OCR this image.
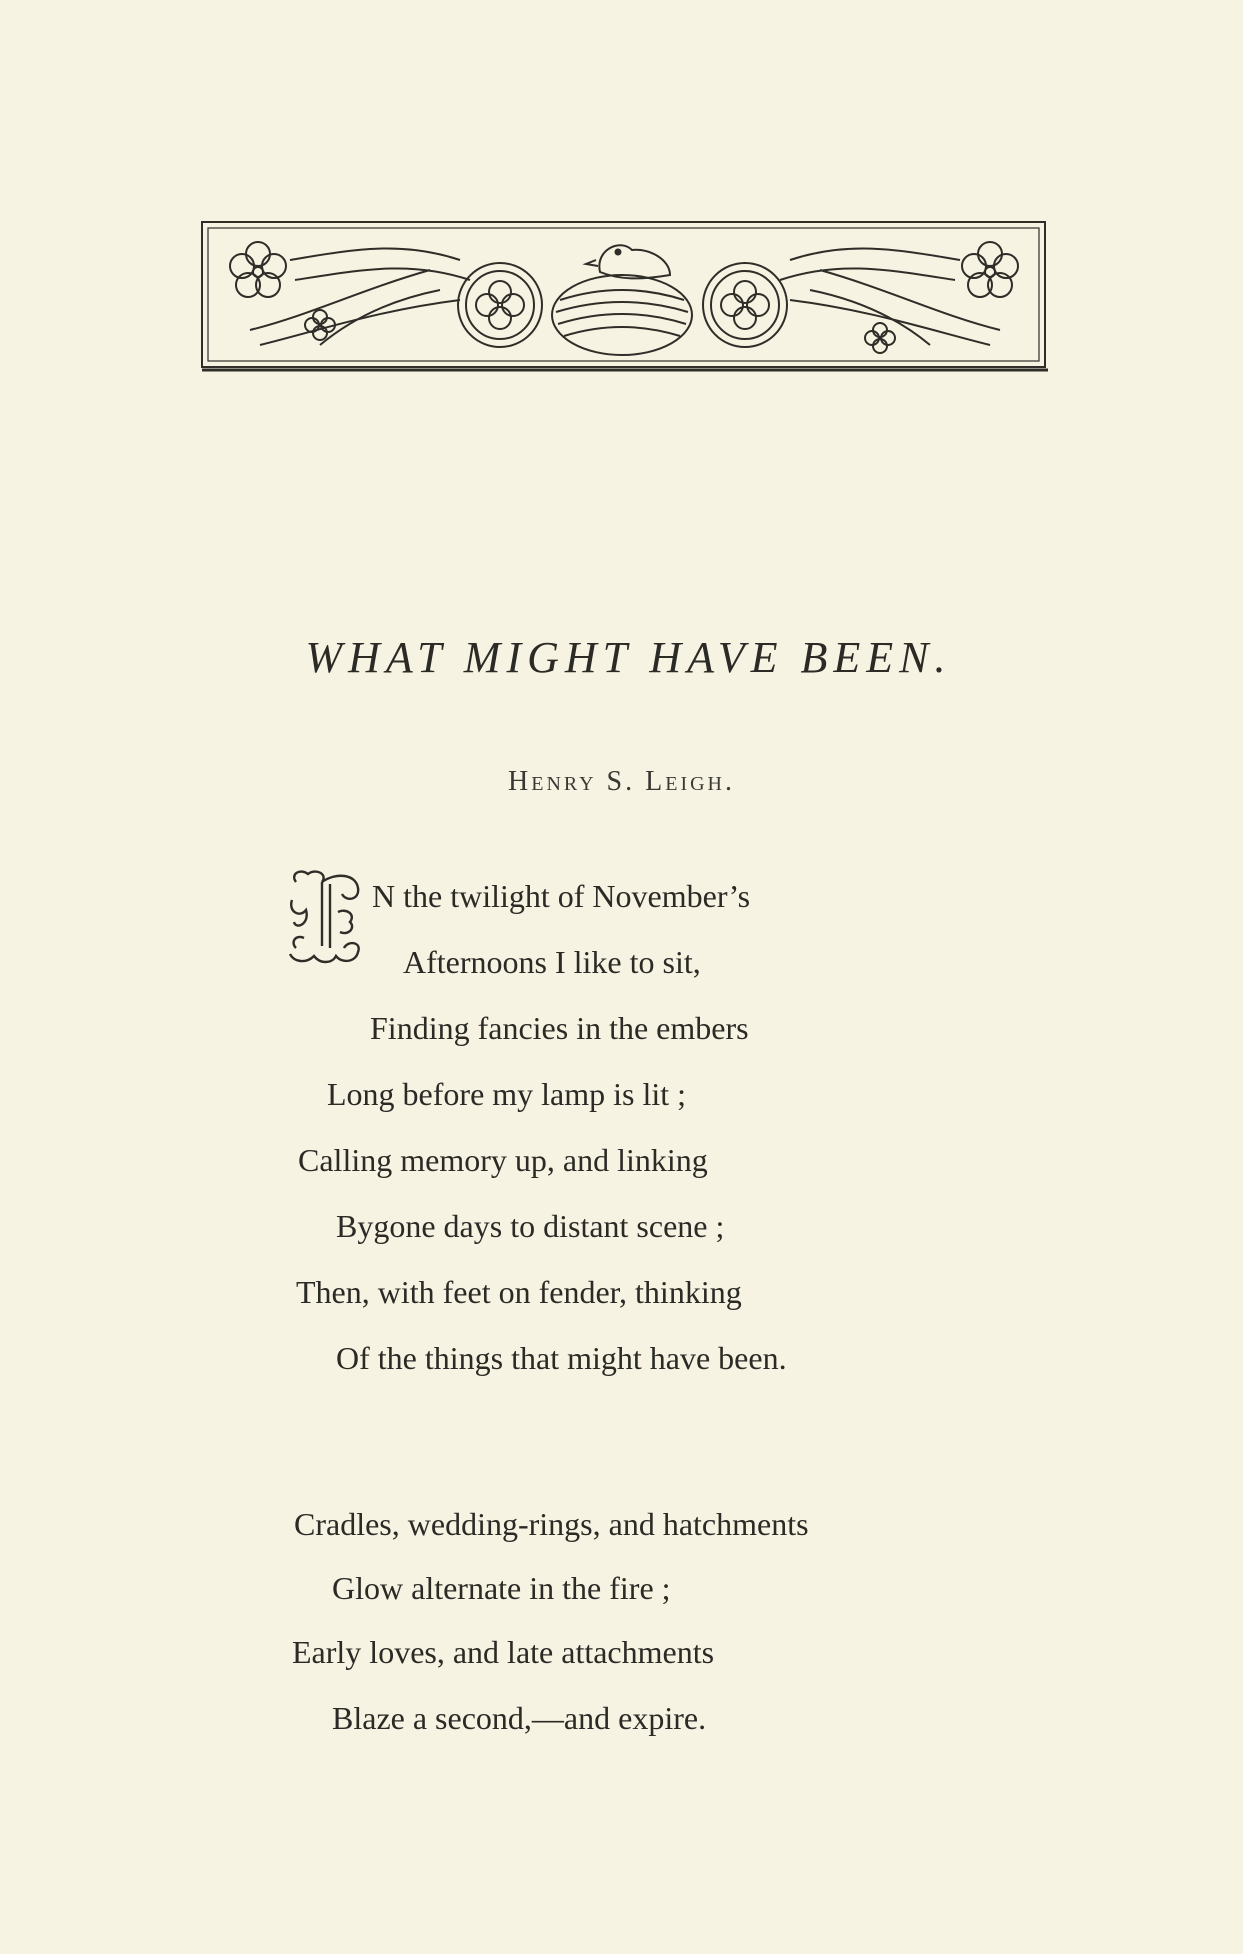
WHAT MIGHT HAVE BEEN.
Henry S. Leigh.
N the twilight of November’s
Afternoons I like to sit,
Finding fancies in the embers
Long before my lamp is lit ;
Calling memory up, and linking
Bygone days to distant scene ;
Then, with feet on fender, thinking
Of the things that might have been.
Cradles, wedding-rings, and hatchments
Glow alternate in the fire ;
Early loves, and late attachments
Blaze a second,—and expire.
